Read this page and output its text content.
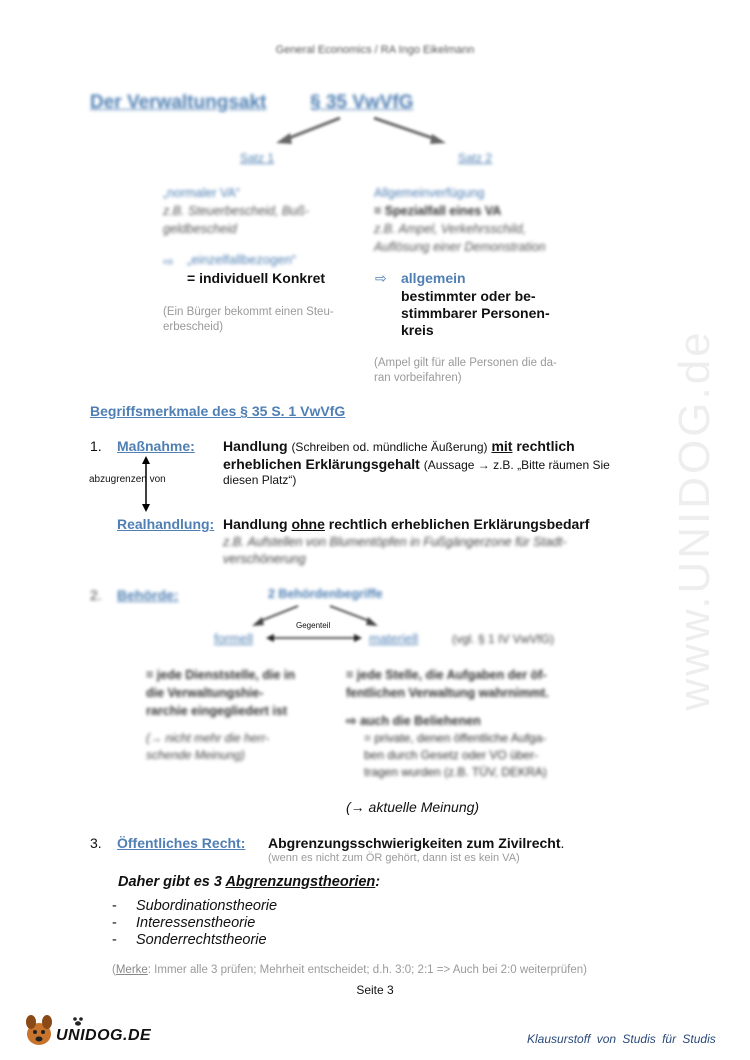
www.UNIDOG.de
General Economics / RA Ingo Eikelmann
Der Verwaltungsakt § 35 VwVfG
Satz 1
„normaler VA“
z.B. Steuerbescheid, Buß-
geldbescheid
⇨ „einzelfallbezogen“
= individuell Konkret
(Ein Bürger bekommt einen Steu-
erbescheid)
Satz 2
Allgemeinverfügung
= Spezialfall eines VA
z.B. Ampel, Verkehrsschild,
Auflösung einer Demonstration
⇨ allgemein
bestimmter oder be-
stimmbarer Personen-
kreis
(Ampel gilt für alle Personen die da-
ran vorbeifahren)
Begriffsmerkmale des § 35 S. 1 VwVfG
1. Maßnahme: Handlung (Schreiben od. mündliche Äußerung) mit rechtlich
erheblichen Erklärungsgehalt (Aussage → z.B. „Bitte räumen Sie
diesen Platz“)
abzugrenzen von
Realhandlung: Handlung ohne rechtlich erheblichen Erklärungsbedarf
z.B. Aufstellen von Blumentöpfen in Fußgängerzone für Stadt-
verschönerung
2. Behörde:	2 Behördenbegriffe
Gegenteil
formell	materiell	(vgl. § 1 IV VwVfG)
= jede Dienststelle, die in
die Verwaltungshie-
rarchie eingegliedert ist
(→ nicht mehr die herr-
schende Meinung)
= jede Stelle, die Aufgaben der öf-
fentlichen Verwaltung wahrnimmt.
⇨ auch die Beliehenen
= private, denen öffentliche Aufga-
ben durch Gesetz oder VO über-
tragen wurden (z.B. TÜV, DEKRA)
(→ aktuelle Meinung)
3. Öffentliches Recht: Abgrenzungsschwierigkeiten zum Zivilrecht.
(wenn es nicht zum ÖR gehört, dann ist es kein VA)
Daher gibt es 3 Abgrenzungstheorien:
- Subordinationstheorie
- Interessenstheorie
- Sonderrechtstheorie
(Merke: Immer alle 3 prüfen; Mehrheit entscheidet; d.h. 3:0; 2:1 => Auch bei 2:0 weiterprüfen)
Seite 3
UNIDOG.DE	Klausurstoff von Studis für Studis
